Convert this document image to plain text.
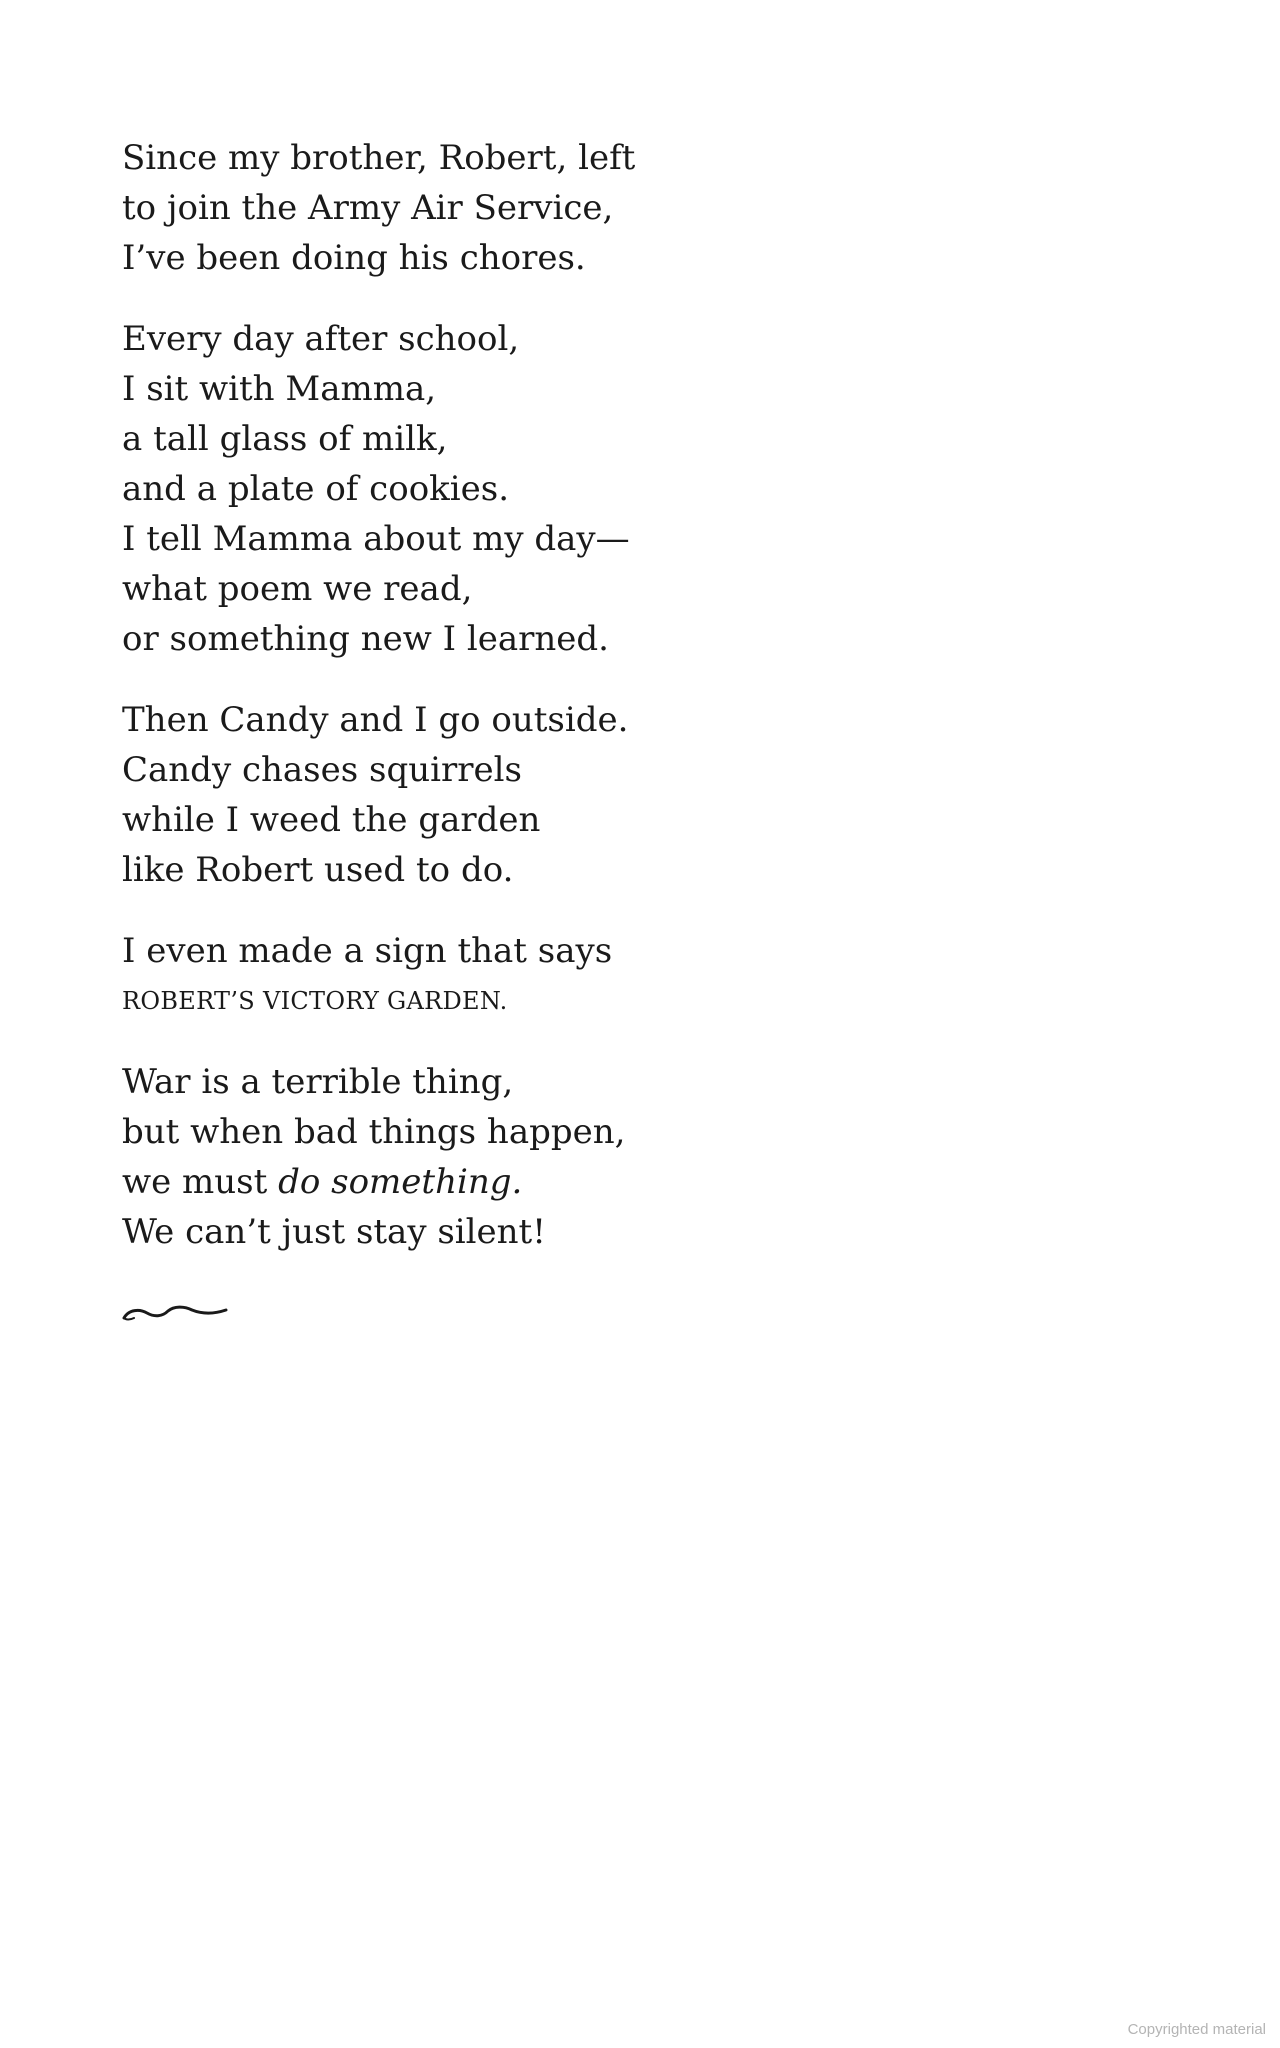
Since my brother, Robert, left
to join the Army Air Service,
I’ve been doing his chores.
Every day after school,
I sit with Mamma,
a tall glass of milk,
and a plate of cookies.
I tell Mamma about my day—
what poem we read,
or something new I learned.
Then Candy and I go outside.
Candy chases squirrels
while I weed the garden
like Robert used to do.
I even made a sign that says
ROBERT’S VICTORY GARDEN.
War is a terrible thing,
but when bad things happen,
we must do something.
We can’t just stay silent!
Copyrighted material
